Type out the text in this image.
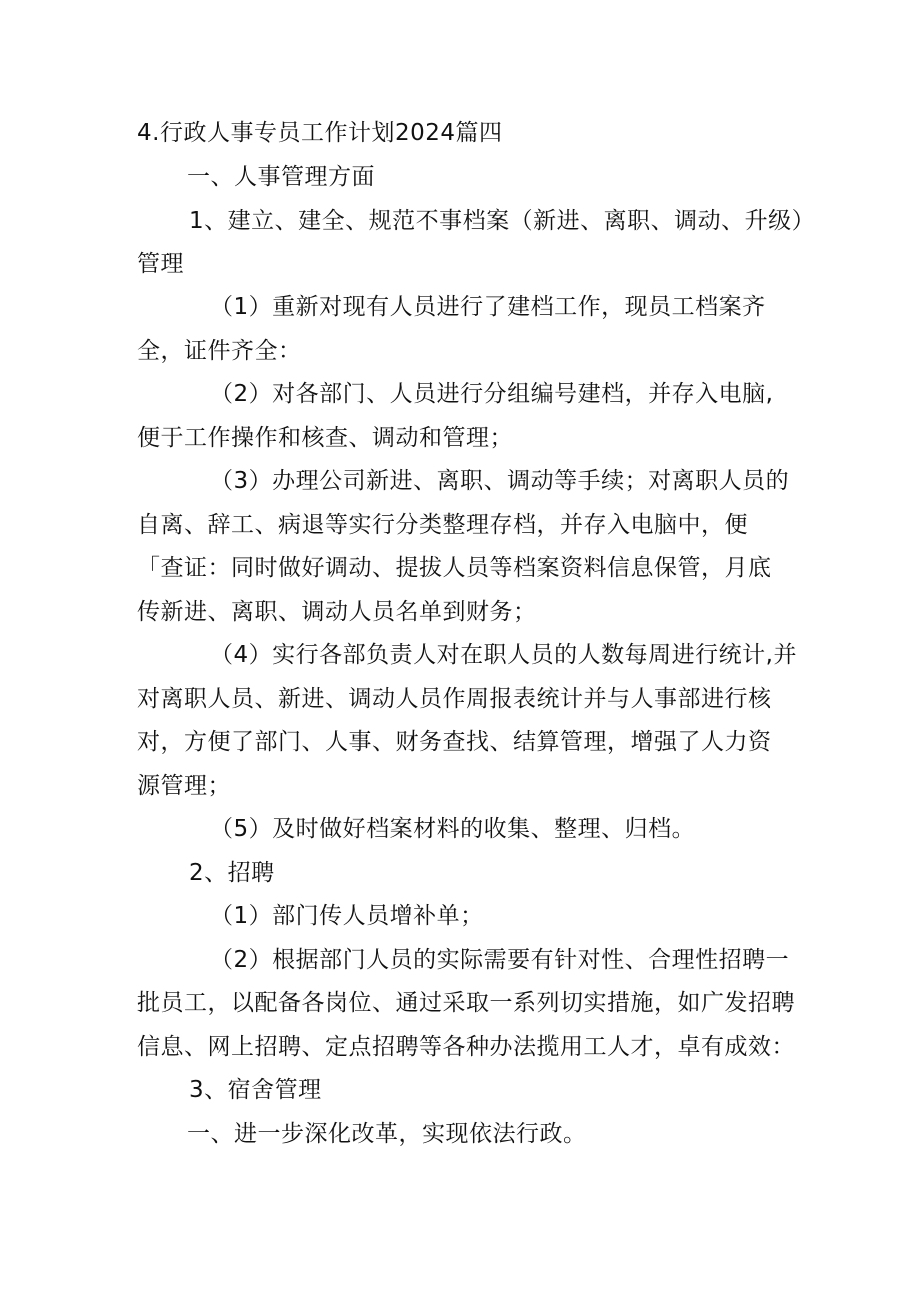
4.行政人事专员工作计划2024篇四
一、人事管理方面
1、建立、建全、规范不事档案（新进、离职、调动、升级）
管理
（1）重新对现有人员进行了建档工作，现员工档案齐
全，证件齐全：
（2）对各部门、人员进行分组编号建档，并存入电脑,
便于工作操作和核查、调动和管理；
（3）办理公司新进、离职、调动等手续；对离职人员的
自离、辞工、病退等实行分类整理存档，并存入电脑中，便
「查证：同时做好调动、提拔人员等档案资料信息保管，月底
传新进、离职、调动人员名单到财务；
（4）实行各部负责人对在职人员的人数每周进行统计,并
对离职人员、新进、调动人员作周报表统计并与人事部进行核
对，方便了部门、人事、财务查找、结算管理，增强了人力资
源管理；
（5）及时做好档案材料的收集、整理、归档。
2、招聘
（1）部门传人员增补单；
（2）根据部门人员的实际需要有针对性、合理性招聘一
批员工，以配备各岗位、通过采取一系列切实措施，如广发招聘
信息、网上招聘、定点招聘等各种办法揽用工人才，卓有成效：
3、宿舍管理
一、进一步深化改革，实现依法行政。
